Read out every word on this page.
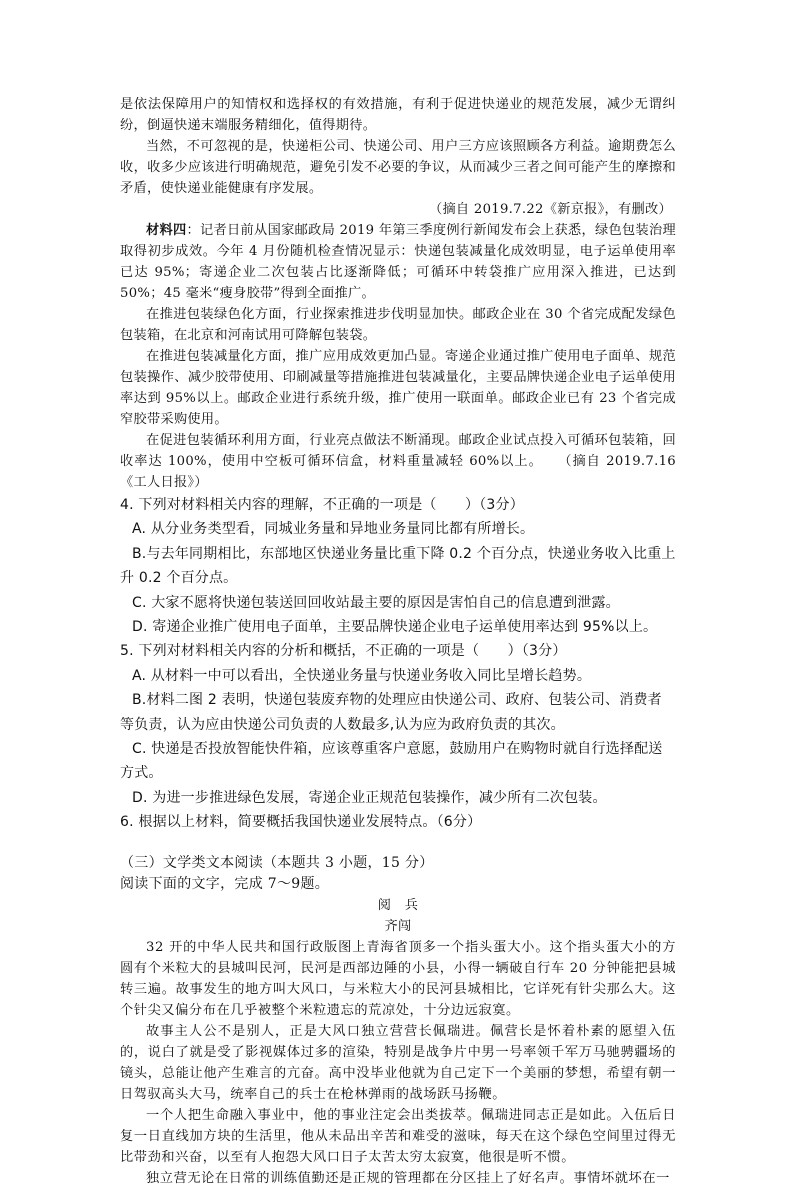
是依法保障用户的知情权和选择权的有效措施，有利于促进快递业的规范发展，减少无谓纠纷，倒逼快递末端服务精细化，值得期待。

当然，不可忽视的是，快递柜公司、快递公司、用户三方应该照顾各方利益。逾期费怎么收，收多少应该进行明确规范，避免引发不必要的争议，从而减少三者之间可能产生的摩擦和矛盾，使快递业能健康有序发展。

（摘自 2019.7.22《新京报》，有删改）

材料四：记者日前从国家邮政局 2019 年第三季度例行新闻发布会上获悉，绿色包装治理取得初步成效。今年 4 月份随机检查情况显示：快递包装减量化成效明显，电子运单使用率已达 95%；寄递企业二次包装占比逐渐降低；可循环中转袋推广应用深入推进，已达到 50%；45 毫米“瘦身胶带”得到全面推广。

在推进包装绿色化方面，行业探索推进步伐明显加快。邮政企业在 30 个省完成配发绿色包装箱，在北京和河南试用可降解包装袋。

在推进包装减量化方面，推广应用成效更加凸显。寄递企业通过推广使用电子面单、规范包装操作、减少胶带使用、印刷减量等措施推进包装减量化，主要品牌快递企业电子运单使用率达到 95%以上。邮政企业进行系统升级，推广使用一联面单。邮政企业已有 23 个省完成窄胶带采购使用。

在促进包装循环利用方面，行业亮点做法不断涌现。邮政企业试点投入可循环包装箱，回收率达 100%，使用中空板可循环信盒，材料重量减轻 60%以上。　　 （摘自 2019.7.16《工人日报》）

4. 下列对材料相关内容的理解，不正确的一项是（　　）（3分）

A. 从分业务类型看，同城业务量和异地业务量同比都有所增长。

B.与去年同期相比，东部地区快递业务量比重下降 0.2 个百分点，快递业务收入比重上升 0.2 个百分点。

C. 大家不愿将快递包装送回回收站最主要的原因是害怕自己的信息遭到泄露。

D. 寄递企业推广使用电子面单，主要品牌快递企业电子运单使用率达到 95%以上。

5. 下列对材料相关内容的分析和概括，不正确的一项是（　　）（3分）

A. 从材料一中可以看出，全快递业务量与快递业务收入同比呈增长趋势。

B.材料二图 2 表明，快递包装废弃物的处理应由快递公司、政府、包装公司、消费者等负责，认为应由快递公司负责的人数最多,认为应为政府负责的其次。

C. 快递是否投放智能快件箱，应该尊重客户意愿，鼓励用户在购物时就自行选择配送方式。

D. 为进一步推进绿色发展，寄递企业正规范包装操作，减少所有二次包装。

6. 根据以上材料，简要概括我国快递业发展特点。（6分）

（三）文学类文本阅读（本题共 3 小题，15 分）

阅读下面的文字，完成 7～9题。

阅　兵

齐闯

32 开的中华人民共和国行政版图上青海省顶多一个指头蛋大小。这个指头蛋大小的方圆有个米粒大的县城叫民河，民河是西部边陲的小县，小得一辆破自行车 20 分钟能把县城转三遍。故事发生的地方叫大风口，与米粒大小的民河县城相比，它详死有针尖那么大。这个针尖又偏分布在几乎被整个米粒遗忘的荒凉处，十分边远寂寞。

故事主人公不是别人，正是大风口独立营营长佩瑞进。佩营长是怀着朴素的愿望入伍的，说白了就是受了影视媒体过多的渲染，特别是战争片中男一号率领千军万马驰骋疆场的镜头，总能让他产生难言的亢奋。高中没毕业他就为自己定下一个美丽的梦想，希望有朝一日驾驭高头大马，统率自己的兵士在枪林弹雨的战场跃马扬鞭。

一个人把生命融入事业中，他的事业注定会出类拔萃。佩瑞进同志正是如此。入伍后日复一日直线加方块的生活里，他从未品出辛苦和难受的滋味，每天在这个绿色空间里过得无比带劲和兴奋，以至有人抱怨大风口日子太苦太穷太寂寞，他很是听不惯。

独立营无论在日常的训练值勤还是正规的管理都在分区挂上了好名声。事情坏就坏在一
